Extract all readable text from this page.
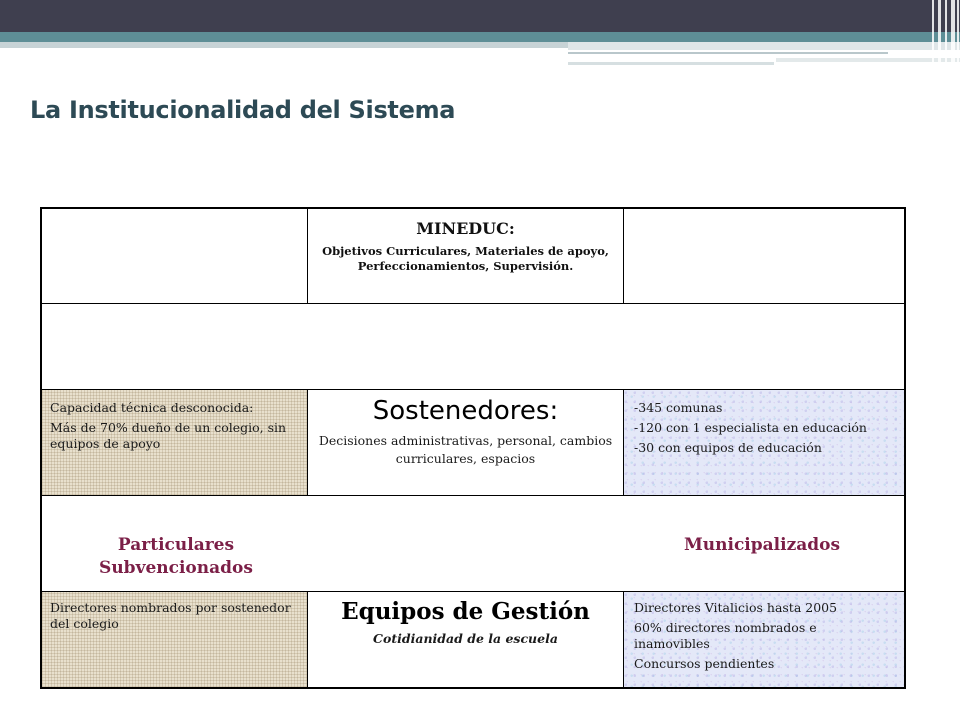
La Institucionalidad del Sistema

MINEDUC:

Objetivos Curriculares, Materiales de apoyo, Perfeccionamientos, Supervisión.

Capacidad técnica desconocida:

Más de 70% dueño de un colegio, sin equipos de apoyo

Sostenedores:

Decisiones administrativas, personal, cambios curriculares, espacios

-345 comunas

-120 con 1 especialista en educación

-30 con equipos de educación

Particulares Subvencionados

Municipalizados

Directores nombrados por sostenedor del colegio	Equipos de Gestión

Cotidianidad de la escuela

Directores Vitalicios hasta 2005

60% directores nombrados e inamovibles

Concursos pendientes
